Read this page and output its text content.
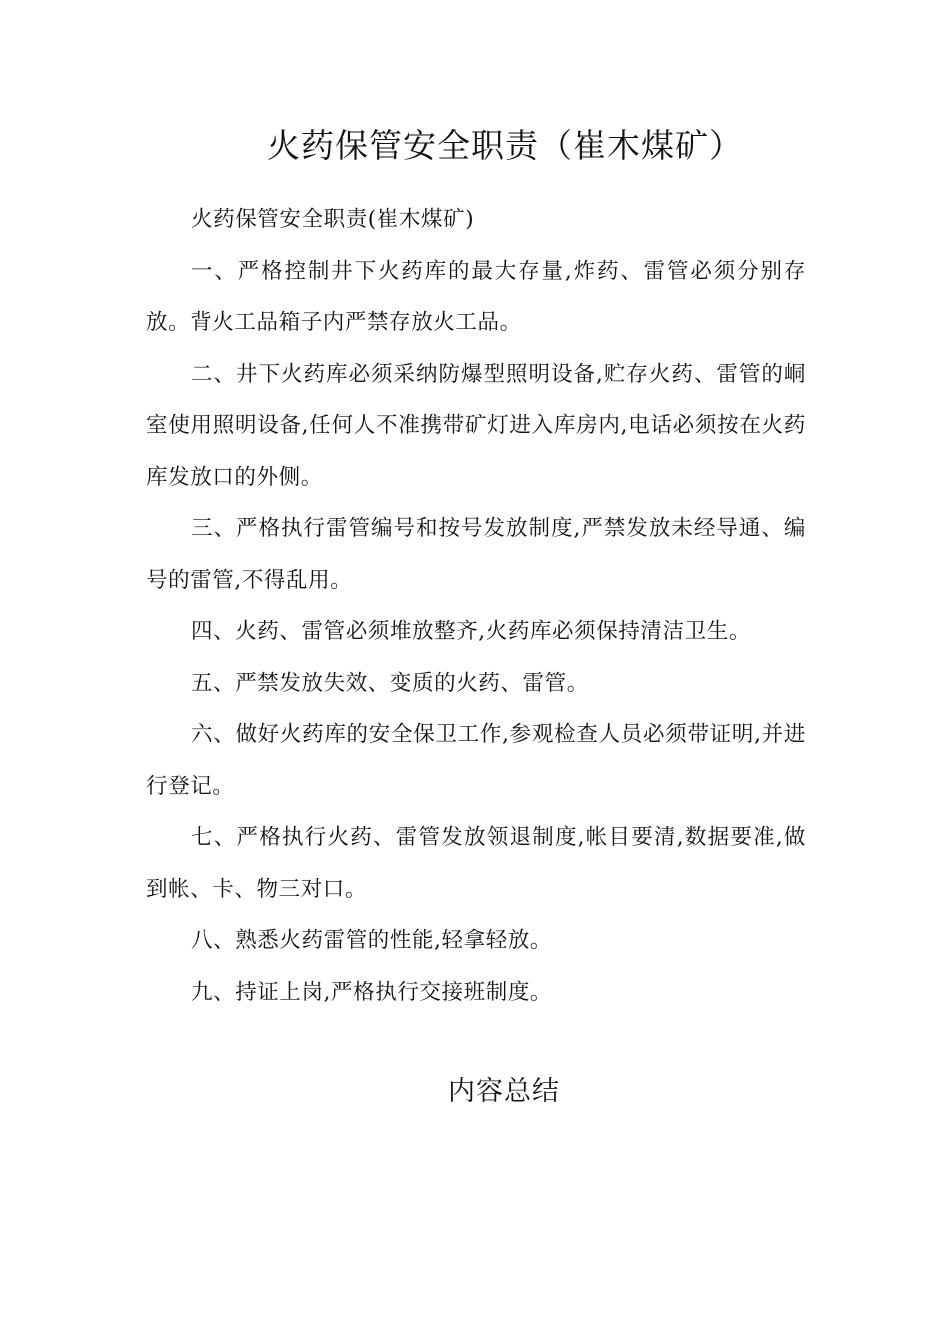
火药保管安全职责（崔木煤矿）

火药保管安全职责(崔木煤矿)

一、严格控制井下火药库的最大存量,炸药、雷管必须分别存放。背火工品箱子内严禁存放火工品。

二、井下火药库必须采纳防爆型照明设备,贮存火药、雷管的峒室使用照明设备,任何人不准携带矿灯进入库房内,电话必须按在火药库发放口的外侧。

三、严格执行雷管编号和按号发放制度,严禁发放未经导通、编号的雷管,不得乱用。

四、火药、雷管必须堆放整齐,火药库必须保持清洁卫生。

五、严禁发放失效、变质的火药、雷管。

六、做好火药库的安全保卫工作,参观检查人员必须带证明,并进行登记。

七、严格执行火药、雷管发放领退制度,帐目要清,数据要准,做到帐、卡、物三对口。

八、熟悉火药雷管的性能,轻拿轻放。

九、持证上岗,严格执行交接班制度。

内容总结
